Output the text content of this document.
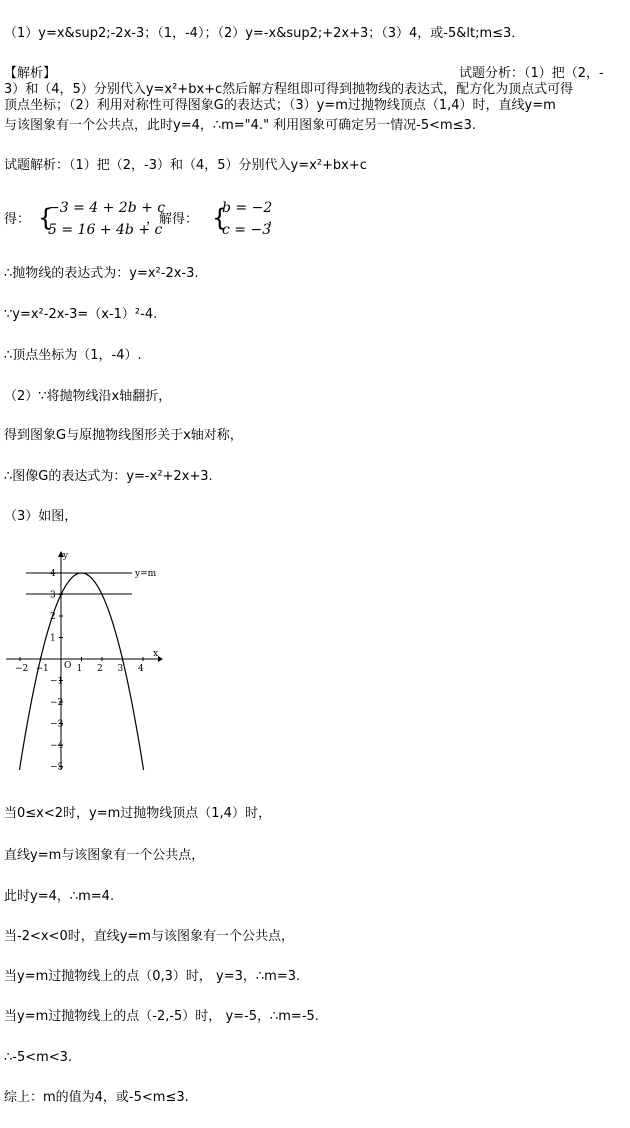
（1）y=x&sup2;-2x-3；（1，-4）；（2）y=-x&sup2;+2x+3；（3）4，或-5&lt;m≤3．
【解析】	试题分析：（1）把（2，-
3）和（4，5）分别代入y=x²+bx+c然后解方程组即可得到抛物线的表达式，配方化为顶点式可得
顶点坐标；（2）利用对称性可得图象G的表达式；（3）y=m过抛物线顶点（1,4）时，直线y=m
与该图象有一个公共点，此时y=4，∴m="4." 利用图象可确定另一情况-5<m≤3.
试题解析：（1）把（2，-3）和（4，5）分别代入y=x²+bx+c
得： {
−3 = 4 + 2b + c
5 = 16 + 4b + c
，解得： {
b = −2
c = −3
，
∴抛物线的表达式为：y=x²-2x-3.
∵y=x²-2x-3=（x-1）²-4.
∴顶点坐标为（1，-4）.
（2）∵将抛物线沿x轴翻折，
得到图象G与原抛物线图形关于x轴对称，
∴图像G的表达式为：y=-x²+2x+3.
（3）如图，
y
x
O
−2 −1	1 2 3 4
4
3
2
1
−1
−2
−3
−4
−5
y=m
当0≤x<2时，y=m过抛物线顶点（1,4）时，
直线y=m与该图象有一个公共点，
此时y=4，∴m=4.
当-2<x<0时，直线y=m与该图象有一个公共点，
当y=m过抛物线上的点（0,3）时， y=3，∴m=3.
当y=m过抛物线上的点（-2,-5）时， y=-5，∴m=-5.
∴-5<m<3.
综上：m的值为4，或-5<m≤3.
